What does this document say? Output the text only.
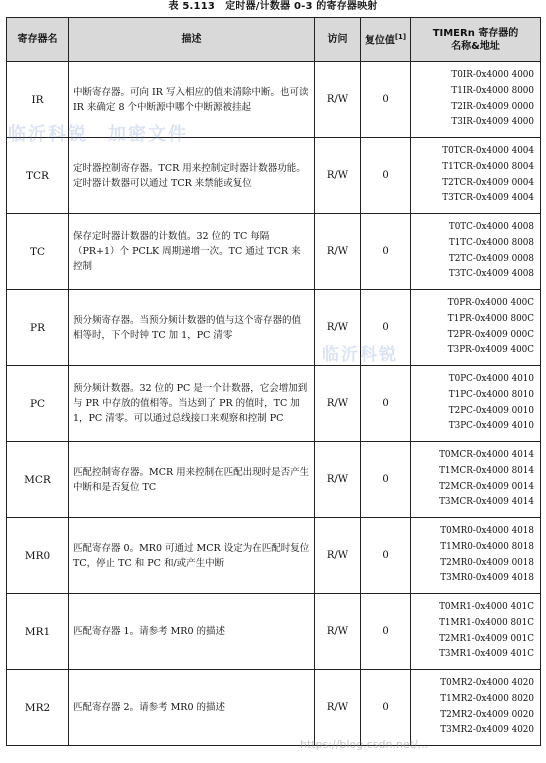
表 5.113　定时器/计数器 0-3 的寄存器映射
寄存器名	描述	访问	复位值[1]	TIMERn 寄存器的
名称&地址

IR	中断寄存器。可向 IR 写入相应的值来清除中断。也可读 IR 来确定 8 个中断源中哪个中断源被挂起	R/W	0	T0IR-0x4000 4000
T1IR-0x4000 8000
T2IR-0x4009 0000
T3IR-0x4009 4000

TCR	定时器控制寄存器。TCR 用来控制定时器计数器功能。定时器计数器可以通过 TCR 来禁能或复位	R/W	0	T0TCR-0x4000 4004
T1TCR-0x4000 8004
T2TCR-0x4009 0004
T3TCR-0x4009 4004

TC	保存定时器计数器的计数值。32 位的 TC 每隔（PR+1）个 PCLK 周期递增一次。TC 通过 TCR 来控制	R/W	0	T0TC-0x4000 4008
T1TC-0x4000 8008
T2TC-0x4009 0008
T3TC-0x4009 4008

PR	预分频寄存器。当预分频计数器的值与这个寄存器的值相等时，下个时钟 TC 加 1，PC 清零	R/W	0	T0PR-0x4000 400C
T1PR-0x4000 800C
T2PR-0x4009 000C
T3PR-0x4009 400C

PC	预分频计数器。32 位的 PC 是一个计数器，它会增加到与 PR 中存放的值相等。当达到了 PR 的值时，TC 加 1，PC 清零。可以通过总线接口来观察和控制 PC	R/W	0	T0PC-0x4000 4010
T1PC-0x4000 8010
T2PC-0x4009 0010
T3PC-0x4009 4010

MCR	匹配控制寄存器。MCR 用来控制在匹配出现时是否产生中断和是否复位 TC	R/W	0	T0MCR-0x4000 4014
T1MCR-0x4000 8014
T2MCR-0x4009 0014
T3MCR-0x4009 4014

MR0	匹配寄存器 0。MR0 可通过 MCR 设定为在匹配时复位 TC，停止 TC 和 PC 和/或产生中断	R/W	0	T0MR0-0x4000 4018
T1MR0-0x4000 8018
T2MR0-0x4009 0018
T3MR0-0x4009 4018

MR1	匹配寄存器 1。请参考 MR0 的描述	R/W	0	T0MR1-0x4000 401C
T1MR1-0x4000 801C
T2MR1-0x4009 001C
T3MR1-0x4009 401C

MR2	匹配寄存器 2。请参考 MR0 的描述	R/W	0	T0MR2-0x4000 4020
T1MR2-0x4000 8020
T2MR2-0x4009 0020
T3MR2-0x4009 4020
临沂科锐　加密文件
临沂科锐
https://blog.csdn.net/...
